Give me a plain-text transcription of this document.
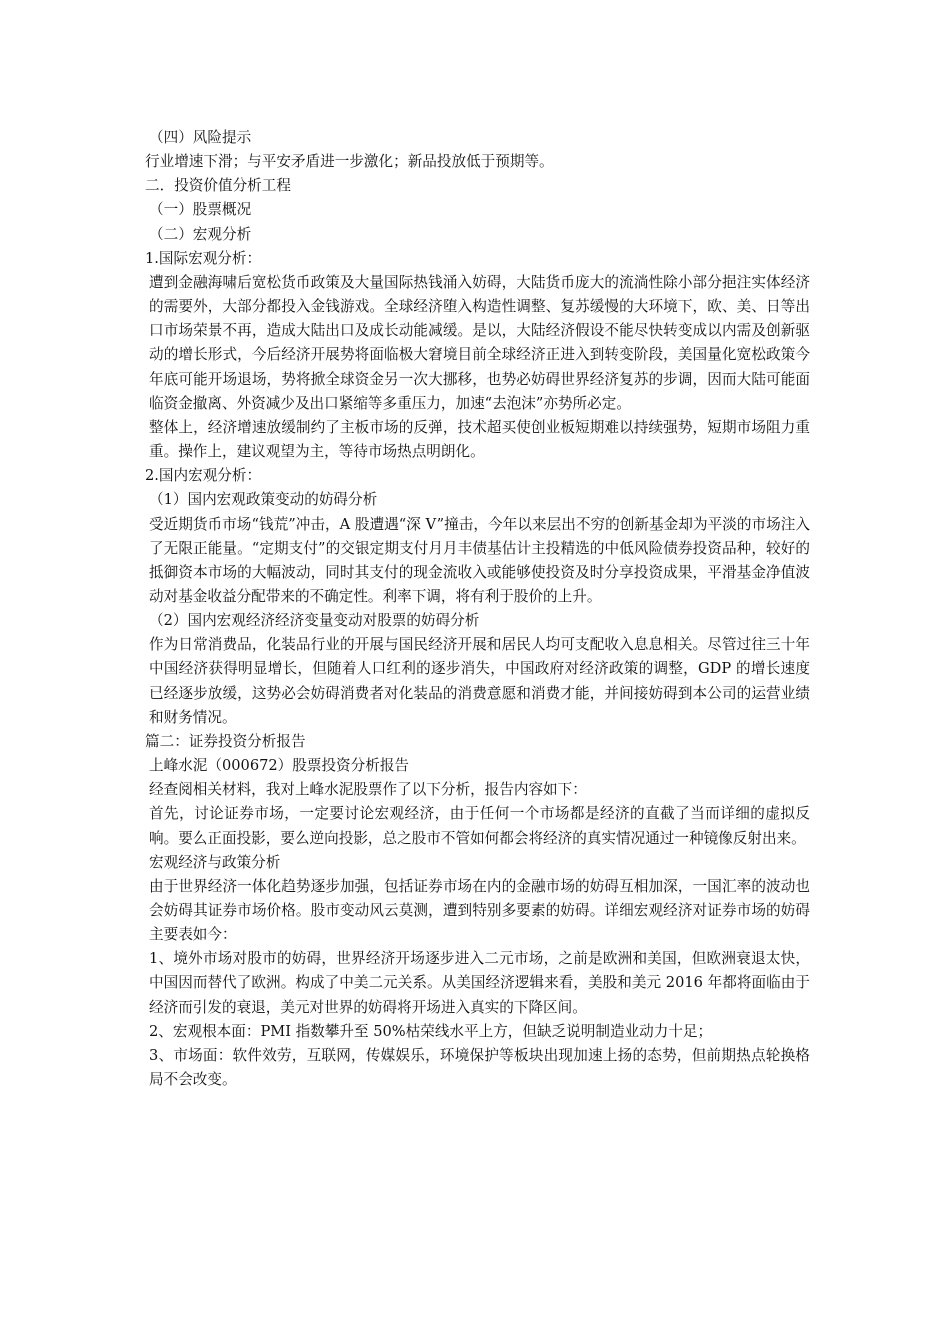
（四）风险提示

行业增速下滑；与平安矛盾进一步激化；新品投放低于预期等。

二．投资价值分析工程

（一）股票概况

（二）宏观分析

1.国际宏观分析：

遭到金融海啸后宽松货币政策及大量国际热钱涌入妨碍，大陆货币庞大的流淌性除小部分挹注实体经济的需要外，大部分都投入金钱游戏。全球经济堕入构造性调整、复苏缓慢的大环境下，欧、美、日等出口市场荣景不再，造成大陆出口及成长动能减缓。是以，大陆经济假设不能尽快转变成以内需及创新驱动的增长形式，今后经济开展势将面临极大窘境目前全球经济正进入到转变阶段，美国量化宽松政策今年底可能开场退场，势将掀全球资金另一次大挪移，也势必妨碍世界经济复苏的步调，因而大陆可能面临资金撤离、外资减少及出口紧缩等多重压力，加速“去泡沫”亦势所必定。

整体上，经济增速放缓制约了主板市场的反弹，技术超买使创业板短期难以持续强势，短期市场阻力重重。操作上，建议观望为主，等待市场热点明朗化。

2.国内宏观分析：

（1）国内宏观政策变动的妨碍分析

受近期货币市场“钱荒”冲击，A 股遭遇“深 V”撞击，今年以来层出不穷的创新基金却为平淡的市场注入了无限正能量。“定期支付”的交银定期支付月月丰债基估计主投精选的中低风险债券投资品种，较好的抵御资本市场的大幅波动，同时其支付的现金流收入或能够使投资及时分享投资成果，平滑基金净值波动对基金收益分配带来的不确定性。利率下调，将有利于股价的上升。

（2）国内宏观经济经济变量变动对股票的妨碍分析

作为日常消费品，化装品行业的开展与国民经济开展和居民人均可支配收入息息相关。尽管过往三十年中国经济获得明显增长，但随着人口红利的逐步消失，中国政府对经济政策的调整，GDP 的增长速度已经逐步放缓，这势必会妨碍消费者对化装品的消费意愿和消费才能，并间接妨碍到本公司的运营业绩和财务情况。

篇二：证券投资分析报告

上峰水泥（000672）股票投资分析报告

经查阅相关材料，我对上峰水泥股票作了以下分析，报告内容如下：

首先，讨论证券市场，一定要讨论宏观经济，由于任何一个市场都是经济的直截了当而详细的虚拟反响。要么正面投影，要么逆向投影，总之股市不管如何都会将经济的真实情况通过一种镜像反射出来。

宏观经济与政策分析

由于世界经济一体化趋势逐步加强，包括证券市场在内的金融市场的妨碍互相加深，一国汇率的波动也会妨碍其证券市场价格。股市变动风云莫测，遭到特别多要素的妨碍。详细宏观经济对证券市场的妨碍主要表如今：

1、境外市场对股市的妨碍，世界经济开场逐步进入二元市场，之前是欧洲和美国，但欧洲衰退太快，中国因而替代了欧洲。构成了中美二元关系。从美国经济逻辑来看，美股和美元 2016 年都将面临由于经济而引发的衰退，美元对世界的妨碍将开场进入真实的下降区间。

2、宏观根本面：PMI 指数攀升至 50%枯荣线水平上方，但缺乏说明制造业动力十足；

3、市场面：软件效劳，互联网，传媒娱乐，环境保护等板块出现加速上扬的态势，但前期热点轮换格局不会改变。
